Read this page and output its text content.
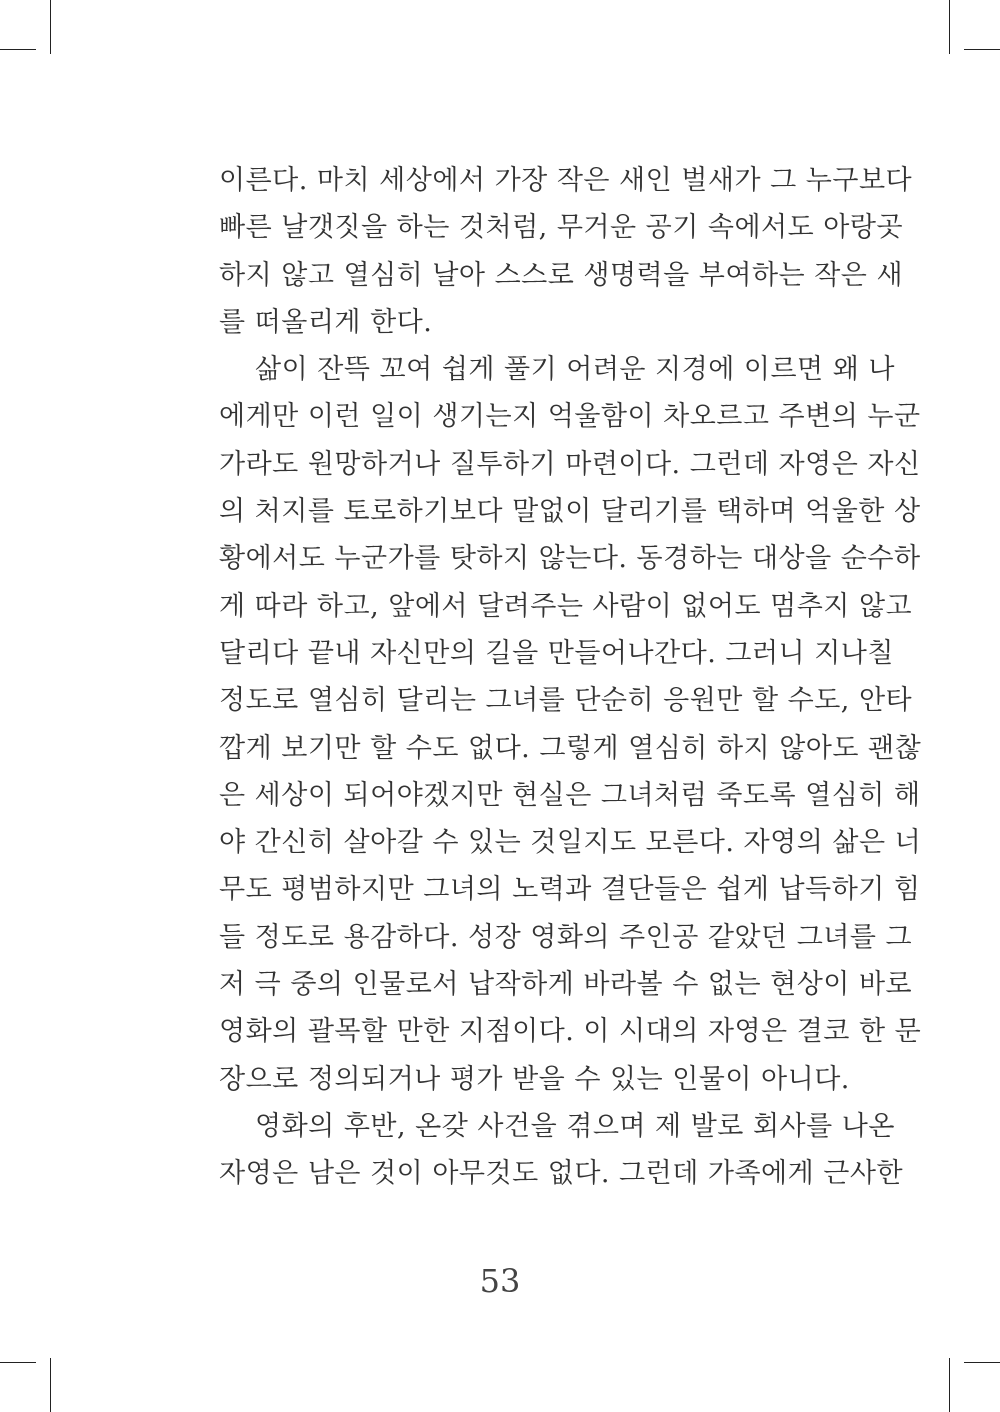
이른다. 마치 세상에서 가장 작은 새인 벌새가 그 누구보다
빠른 날갯짓을 하는 것처럼, 무거운 공기 속에서도 아랑곳
하지 않고 열심히 날아 스스로 생명력을 부여하는 작은 새
를 떠올리게 한다.
삶이 잔뜩 꼬여 쉽게 풀기 어려운 지경에 이르면 왜 나
에게만 이런 일이 생기는지 억울함이 차오르고 주변의 누군
가라도 원망하거나 질투하기 마련이다. 그런데 자영은 자신
의 처지를 토로하기보다 말없이 달리기를 택하며 억울한 상
황에서도 누군가를 탓하지 않는다. 동경하는 대상을 순수하
게 따라 하고, 앞에서 달려주는 사람이 없어도 멈추지 않고
달리다 끝내 자신만의 길을 만들어나간다. 그러니 지나칠
정도로 열심히 달리는 그녀를 단순히 응원만 할 수도, 안타
깝게 보기만 할 수도 없다. 그렇게 열심히 하지 않아도 괜찮
은 세상이 되어야겠지만 현실은 그녀처럼 죽도록 열심히 해
야 간신히 살아갈 수 있는 것일지도 모른다. 자영의 삶은 너
무도 평범하지만 그녀의 노력과 결단들은 쉽게 납득하기 힘
들 정도로 용감하다. 성장 영화의 주인공 같았던 그녀를 그
저 극 중의 인물로서 납작하게 바라볼 수 없는 현상이 바로
영화의 괄목할 만한 지점이다. 이 시대의 자영은 결코 한 문
장으로 정의되거나 평가 받을 수 있는 인물이 아니다.
영화의 후반, 온갖 사건을 겪으며 제 발로 회사를 나온
자영은 남은 것이 아무것도 없다. 그런데 가족에게 근사한
53
